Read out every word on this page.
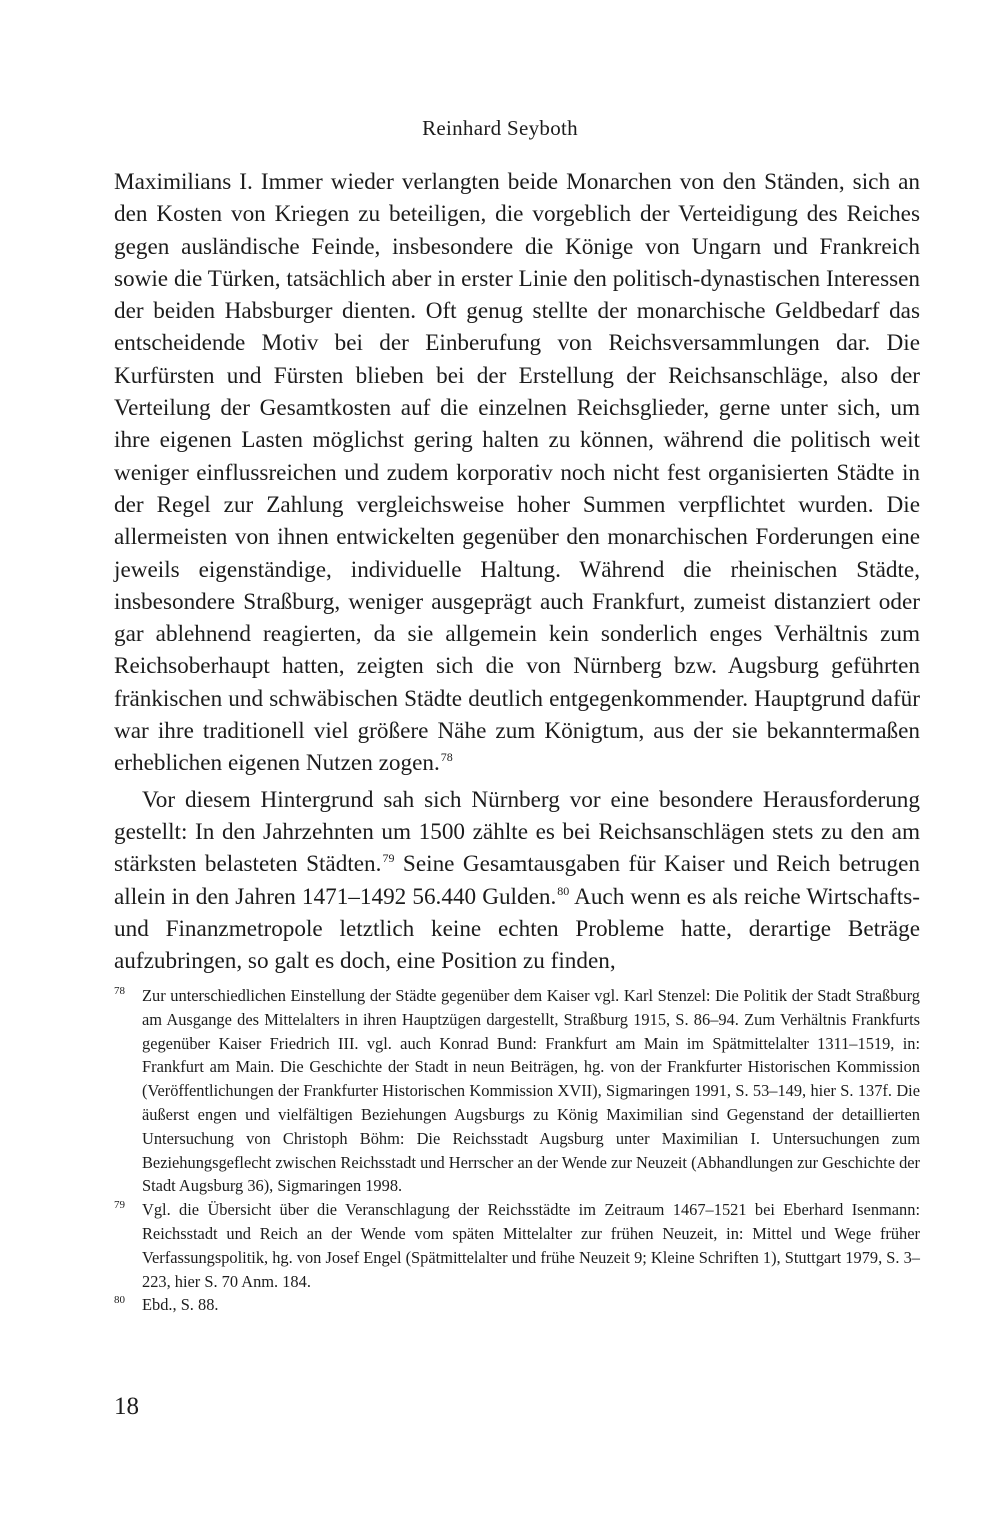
Reinhard Seyboth

Maximilians I. Immer wieder verlangten beide Monarchen von den Ständen, sich an den Kosten von Kriegen zu beteiligen, die vorgeblich der Verteidigung des Reiches gegen ausländische Feinde, insbesondere die Könige von Ungarn und Frankreich sowie die Türken, tatsächlich aber in erster Linie den politisch-dynastischen Interessen der beiden Habsburger dienten. Oft genug stellte der monarchische Geldbedarf das entscheidende Motiv bei der Einberufung von Reichsversammlungen dar. Die Kurfürsten und Fürsten blieben bei der Erstellung der Reichsanschläge, also der Verteilung der Gesamtkosten auf die einzelnen Reichsglieder, gerne unter sich, um ihre eigenen Lasten möglichst gering halten zu können, während die politisch weit weniger einflussreichen und zudem korporativ noch nicht fest organisierten Städte in der Regel zur Zahlung vergleichsweise hoher Summen verpflichtet wurden. Die allermeisten von ihnen entwickelten gegenüber den monarchischen Forderungen eine jeweils eigenständige, individuelle Haltung. Während die rheinischen Städte, insbesondere Straßburg, weniger ausgeprägt auch Frankfurt, zumeist distanziert oder gar ablehnend reagierten, da sie allgemein kein sonderlich enges Verhältnis zum Reichsoberhaupt hatten, zeigten sich die von Nürnberg bzw. Augsburg geführten fränkischen und schwäbischen Städte deutlich entgegenkommender. Hauptgrund dafür war ihre traditionell viel größere Nähe zum Königtum, aus der sie bekanntermaßen erheblichen eigenen Nutzen zogen.$^{78}$

Vor diesem Hintergrund sah sich Nürnberg vor eine besondere Herausforderung gestellt: In den Jahrzehnten um 1500 zählte es bei Reichsanschlägen stets zu den am stärksten belasteten Städten.$^{79}$ Seine Gesamtausgaben für Kaiser und Reich betrugen allein in den Jahren 1471–1492 56.440 Gulden.$^{80}$ Auch wenn es als reiche Wirtschafts- und Finanzmetropole letztlich keine echten Probleme hatte, derartige Beträge aufzubringen, so galt es doch, eine Position zu finden,

78 Zur unterschiedlichen Einstellung der Städte gegenüber dem Kaiser vgl. Karl Stenzel: Die Politik der Stadt Straßburg am Ausgange des Mittelalters in ihren Hauptzügen dargestellt, Straßburg 1915, S. 86–94. Zum Verhältnis Frankfurts gegenüber Kaiser Friedrich III. vgl. auch Konrad Bund: Frankfurt am Main im Spätmittelalter 1311–1519, in: Frankfurt am Main. Die Geschichte der Stadt in neun Beiträgen, hg. von der Frankfurter Historischen Kommission (Veröffentlichungen der Frankfurter Historischen Kommission XVII), Sigmaringen 1991, S. 53–149, hier S. 137f. Die äußerst engen und vielfältigen Beziehungen Augsburgs zu König Maximilian sind Gegenstand der detaillierten Untersuchung von Christoph Böhm: Die Reichsstadt Augsburg unter Maximilian I. Untersuchungen zum Beziehungsgeflecht zwischen Reichsstadt und Herrscher an der Wende zur Neuzeit (Abhandlungen zur Geschichte der Stadt Augsburg 36), Sigmaringen 1998.
79 Vgl. die Übersicht über die Veranschlagung der Reichsstädte im Zeitraum 1467–1521 bei Eberhard Isenmann: Reichsstadt und Reich an der Wende vom späten Mittelalter zur frühen Neuzeit, in: Mittel und Wege früher Verfassungspolitik, hg. von Josef Engel (Spätmittelalter und frühe Neuzeit 9; Kleine Schriften 1), Stuttgart 1979, S. 3–223, hier S. 70 Anm. 184.
80 Ebd., S. 88.
18
